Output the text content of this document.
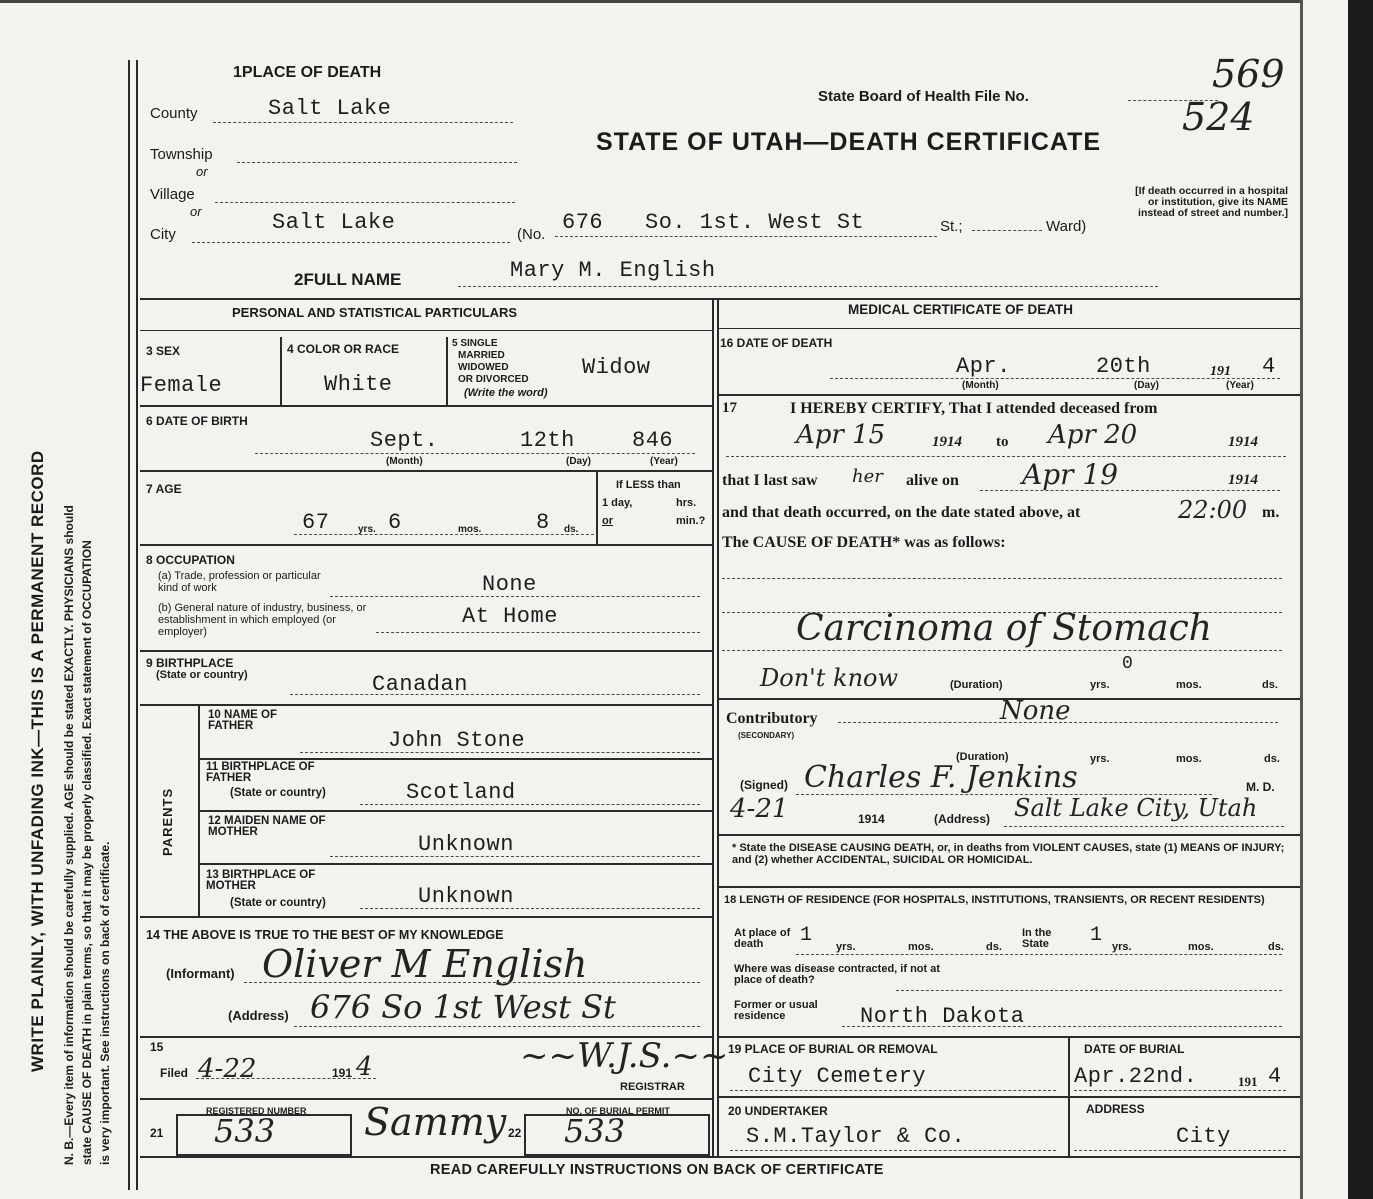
WRITE PLAINLY, WITH UNFADING INK—THIS IS A PERMANENT RECORD N. B.—Every item of information should be carefully supplied. AGE should be stated EXACTLY. PHYSICIANS should state CAUSE OF DEATH in plain terms, so that it may be properly classified. Exact statement of OCCUPATION is very important. See instructions on back of certificate.
1PLACE OF DEATH
State Board of Health File No.
569
524
STATE OF UTAH—DEATH CERTIFICATE
County	Salt Lake
Township
or
Village
or
City	Salt Lake	(No. 676 So. 1st. West St	St.;	Ward)
[If death occurred in a hospital or institution, give its NAME instead of street and number.]
2FULL NAME	Mary M. English
PERSONAL AND STATISTICAL PARTICULARS
3 SEX
Female
4 COLOR OR RACE
White
5 SINGLE
MARRIED
WIDOWED
OR DIVORCED
(Write the word)
Widow
6 DATE OF BIRTH
Sept.	12th	846
(Month)	(Day)	(Year)
7 AGE
67	yrs. 6	mos. 8 ds.
If LESS than
1 day,	hrs.
or	min.?
8 OCCUPATION
(a) Trade, profession or particular kind of work	None
(b) General nature of industry, business, or establishment in which employed (or employer)
At Home
9 BIRTHPLACE
(State or country)	Canadan
PARENTS
10 NAME OF FATHER
John Stone
11 BIRTHPLACE OF FATHER
(State or country)	Scotland
12 MAIDEN NAME OF MOTHER	Unknown
13 BIRTHPLACE OF MOTHER
(State or country)	Unknown
14 THE ABOVE IS TRUE TO THE BEST OF MY KNOWLEDGE
(Informant) Oliver M English
(Address) 676 So 1st West St
15
Filed 4-22	191 4	~~W.J.S.~~
REGISTRAR
REGISTERED NUMBER
21 533 Sammy	NO. OF BURIAL PERMIT
22 533
MEDICAL CERTIFICATE OF DEATH
16 DATE OF DEATH
Apr.	20th	191 4
(Month)	(Day)	(Year)
17	I HEREBY CERTIFY, That I attended deceased from
Apr 15	1914 to Apr 20	1914
that I last saw her alive on Apr 19	1914
and that death occurred, on the date stated above, at	22:00 m.
The CAUSE OF DEATH* was as follows:
Carcinoma of Stomach
Don't know	(Duration)
0
yrs.	mos.	ds.
Contributory
(SECONDARY)
None
(Duration)	yrs.	mos.	ds.
(Signed) Charles F. Jenkins	M. D.
4-21	1914	(Address) Salt Lake City, Utah
* State the DISEASE CAUSING DEATH, or, in deaths from VIOLENT CAUSES, state (1) MEANS OF INJURY; and (2) whether ACCIDENTAL, SUICIDAL OR HOMICIDAL.
18 LENGTH OF RESIDENCE (FOR HOSPITALS, INSTITUTIONS, TRANSIENTS, OR RECENT RESIDENTS)
At place of death	1 yrs.	mos.	ds.
In the State	1 yrs.	mos.	ds.
Where was disease contracted, if not at place of death?
Former or usual residence	North Dakota
19 PLACE OF BURIAL OR REMOVAL
City Cemetery
DATE OF BURIAL
Apr.22nd.	191 4
20 UNDERTAKER
S.M.Taylor & Co.
ADDRESS
City
READ CAREFULLY INSTRUCTIONS ON BACK OF CERTIFICATE
